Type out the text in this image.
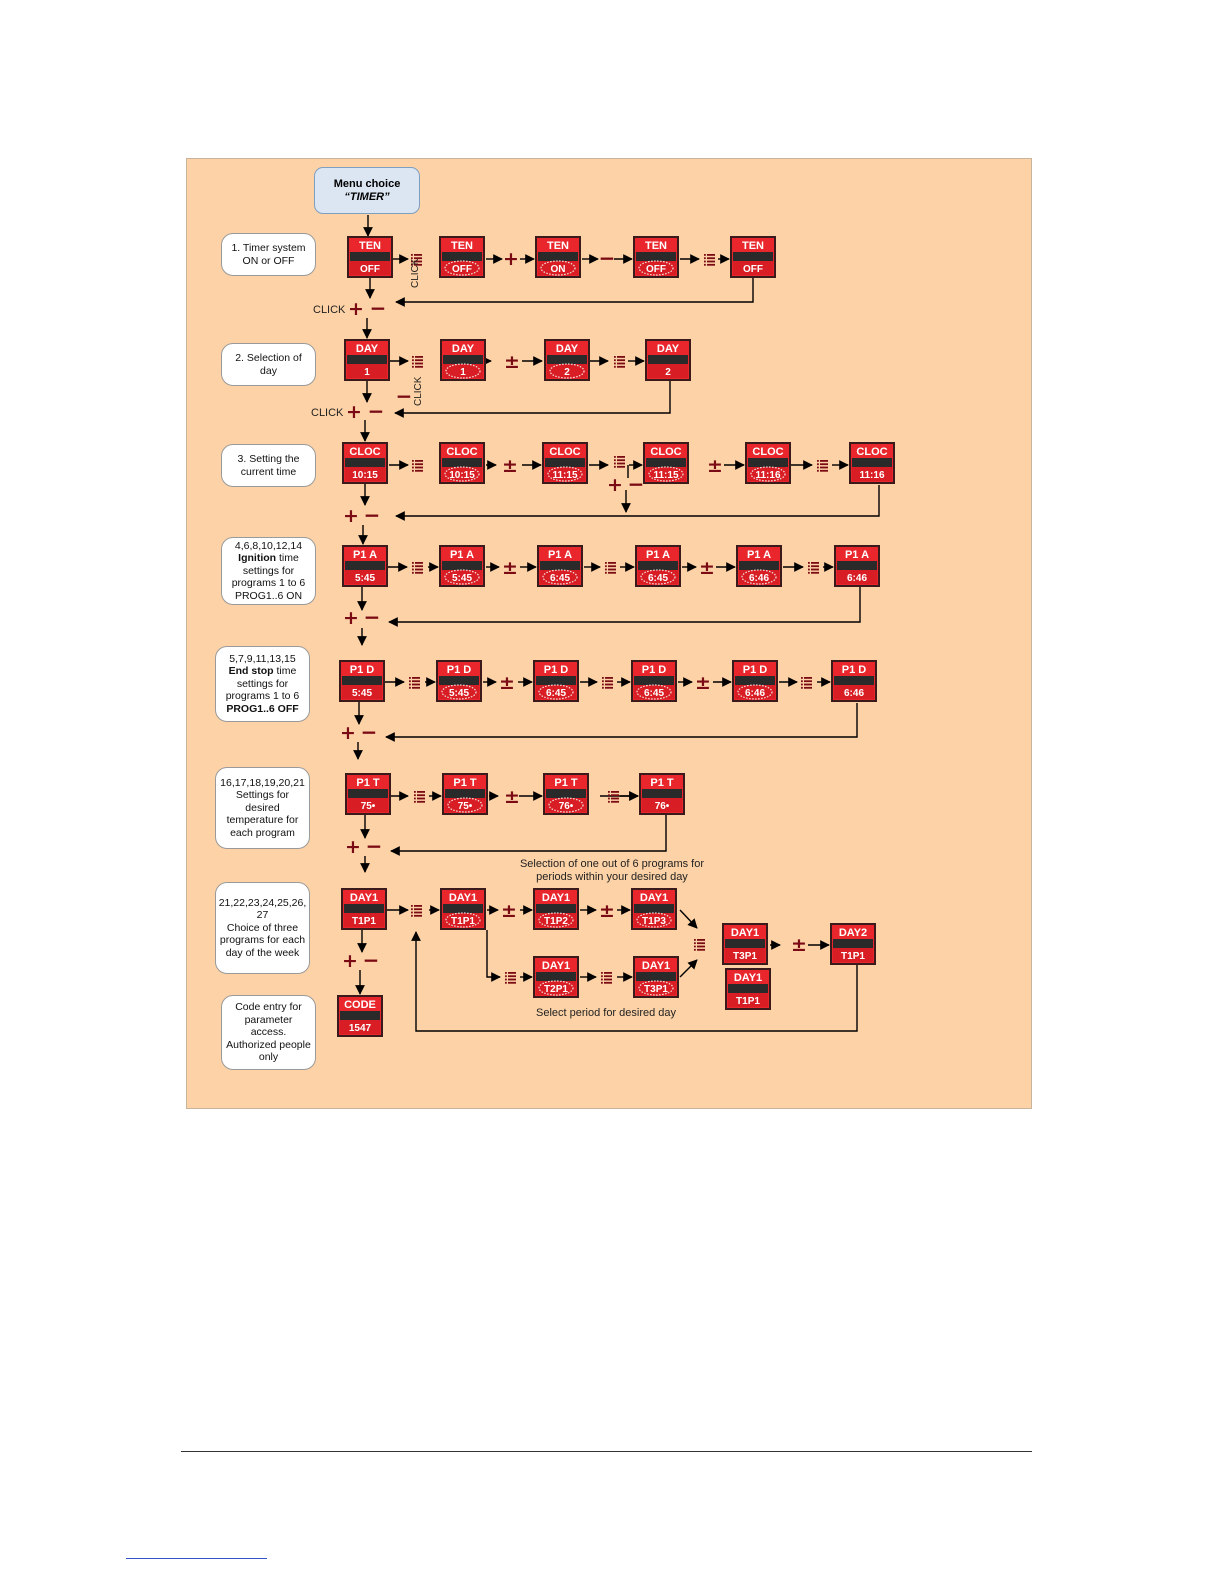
TEN
OFF
TEN
OFF
TEN
ON
TEN
OFF
TEN
OFF
DAY
1
DAY
1
DAY
2
DAY
2
CLOC
10:15
CLOC
10:15
CLOC
11:15
CLOC
11:15
CLOC
11:16
CLOC
11:16
P1 A
5:45
P1 A
5:45
P1 A
6:45
P1 A
6:45
P1 A
6:46
P1 A
6:46
P1 D
5:45
P1 D
5:45
P1 D
6:45
P1 D
6:45
P1 D
6:46
P1 D
6:46
P1 T
75•
P1 T
75•
P1 T
76•
P1 T
76•
DAY1
T1P1
DAY1
T1P1
DAY1
T1P2
DAY1
T1P3
DAY1
T2P1
DAY1
T3P1
DAY1
T3P1
DAY1
T1P1
DAY2
T1P1
CODE
1547
+	−
+ −
±
−
+ −
±	±
+ −
+ −
±	±
+ −
±	±
+ −
±
+ −
±	±
±
+ −
Menu choice
“TIMER”
1. Timer system
ON or OFF
2. Selection of day
3. Setting the
current time
4,6,8,10,12,14
Ignition time
settings for
programs 1 to 6
PROG1..6 ON
5,7,9,11,13,15
End stop time
settings for
programs 1 to 6
PROG1..6 OFF
16,17,18,19,20,21
Settings for
desired
temperature for
each program
21,22,23,24,25,26,
27
Choice of three
programs for each
day of the week
Code entry for
parameter access.
Authorized people
only
CLICK
CLICK
CLICK
CLICK
Selection of one out of 6 programs for
periods within your desired day
Select period for desired day
